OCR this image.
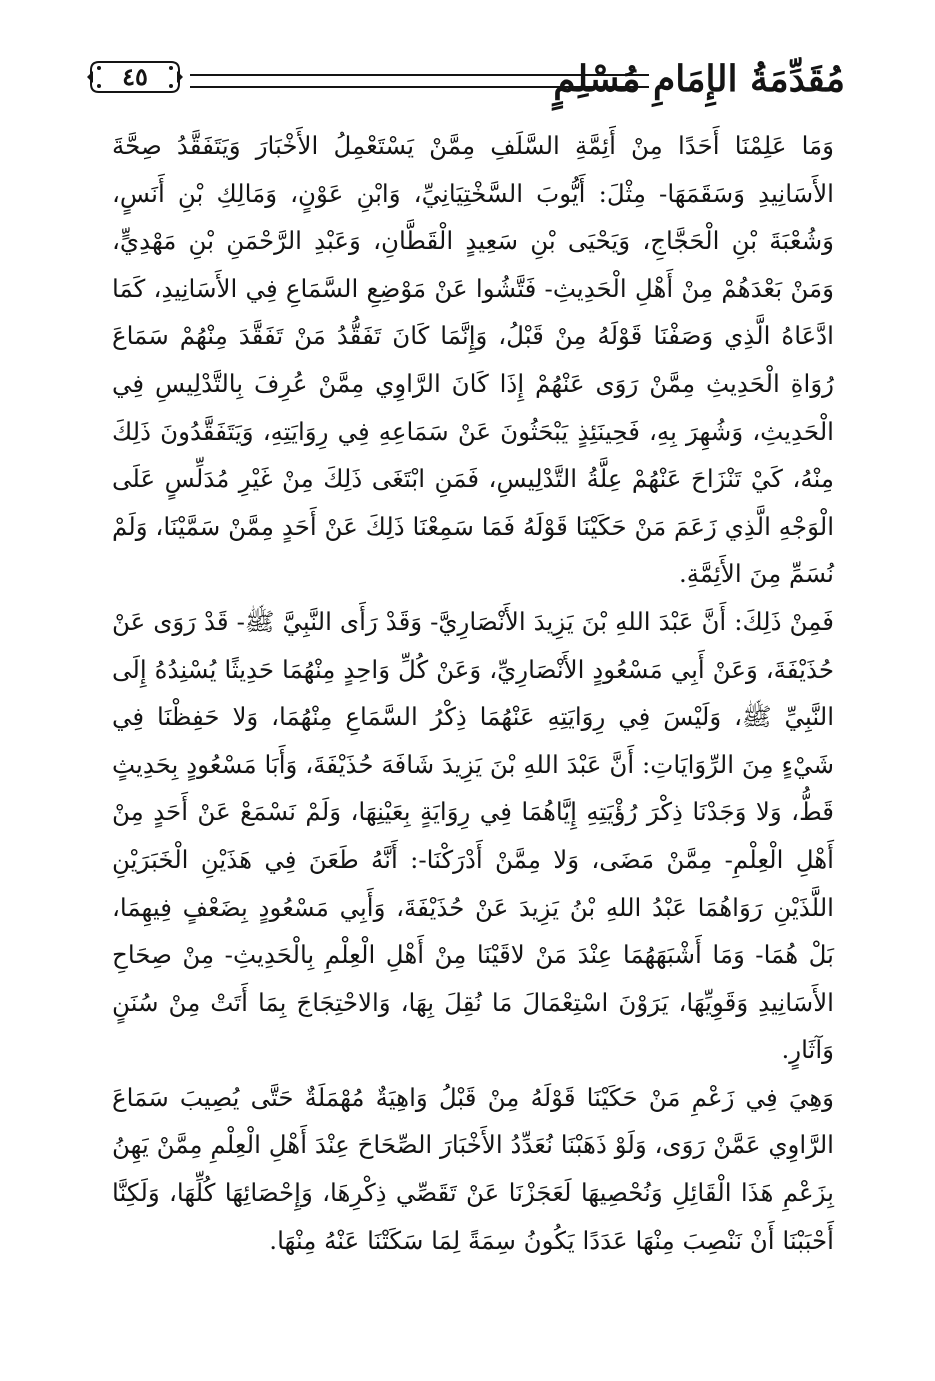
٤٥	مُقَدِّمَةُ الإِمَامِ مُسْلِمٍ

وَمَا عَلِمْنَا أَحَدًا مِنْ أَئِمَّةِ السَّلَفِ مِمَّنْ يَسْتَعْمِلُ الأَخْبَارَ وَيَتَفَقَّدُ صِحَّةَ الأَسَانِيدِ وَسَقَمَهَا- مِثْلَ: أَيُّوبَ السَّخْتِيَانِيِّ، وَابْنِ عَوْنٍ، وَمَالِكِ بْنِ أَنَسٍ، وَشُعْبَةَ بْنِ الْحَجَّاجِ، وَيَحْيَى بْنِ سَعِيدٍ الْقَطَّانِ، وَعَبْدِ الرَّحْمَنِ بْنِ مَهْدِيٍّ، وَمَنْ بَعْدَهُمْ مِنْ أَهْلِ الْحَدِيثِ- فَتَّشُوا عَنْ مَوْضِعِ السَّمَاعِ فِي الأَسَانِيدِ، كَمَا ادَّعَاهُ الَّذِي وَصَفْنَا قَوْلَهُ مِنْ قَبْلُ، وَإِنَّمَا كَانَ تَفَقُّدُ مَنْ تَفَقَّدَ مِنْهُمْ سَمَاعَ رُوَاةِ الْحَدِيثِ مِمَّنْ رَوَى عَنْهُمْ إِذَا كَانَ الرَّاوِي مِمَّنْ عُرِفَ بِالتَّدْلِيسِ فِي الْحَدِيثِ، وَشُهِرَ بِهِ، فَحِينَئِذٍ يَبْحَثُونَ عَنْ سَمَاعِهِ فِي رِوَايَتِهِ، وَيَتَفَقَّدُونَ ذَلِكَ مِنْهُ، كَيْ تَنْزَاحَ عَنْهُمْ عِلَّةُ التَّدْلِيسِ، فَمَنِ ابْتَغَى ذَلِكَ مِنْ غَيْرِ مُدَلِّسٍ عَلَى الْوَجْهِ الَّذِي زَعَمَ مَنْ حَكَيْنَا قَوْلَهُ فَمَا سَمِعْنَا ذَلِكَ عَنْ أَحَدٍ مِمَّنْ سَمَّيْنَا، وَلَمْ نُسَمِّ مِنَ الأَئِمَّةِ.

فَمِنْ ذَلِكَ: أَنَّ عَبْدَ اللهِ بْنَ يَزِيدَ الأَنْصَارِيَّ- وَقَدْ رَأَى النَّبِيَّ ﷺ- قَدْ رَوَى عَنْ حُذَيْفَةَ، وَعَنْ أَبِي مَسْعُودٍ الأَنْصَارِيِّ، وَعَنْ كُلِّ وَاحِدٍ مِنْهُمَا حَدِيثًا يُسْنِدُهُ إِلَى النَّبِيِّ ﷺ، وَلَيْسَ فِي رِوَايَتِهِ عَنْهُمَا ذِكْرُ السَّمَاعِ مِنْهُمَا، وَلا حَفِظْنَا فِي شَيْءٍ مِنَ الرِّوَايَاتِ: أَنَّ عَبْدَ اللهِ بْنَ يَزِيدَ شَافَهَ حُذَيْفَةَ، وَأَبَا مَسْعُودٍ بِحَدِيثٍ قَطُّ، وَلا وَجَدْنَا ذِكْرَ رُؤْيَتِهِ إِيَّاهُمَا فِي رِوَايَةٍ بِعَيْنِهَا، وَلَمْ نَسْمَعْ عَنْ أَحَدٍ مِنْ أَهْلِ الْعِلْمِ- مِمَّنْ مَضَى، وَلا مِمَّنْ أَدْرَكْنَا-: أَنَّهُ طَعَنَ فِي هَذَيْنِ الْخَبَرَيْنِ اللَّذَيْنِ رَوَاهُمَا عَبْدُ اللهِ بْنُ يَزِيدَ عَنْ حُذَيْفَةَ، وَأَبِي مَسْعُودٍ بِضَعْفٍ فِيهِمَا، بَلْ هُمَا- وَمَا أَشْبَهَهُمَا عِنْدَ مَنْ لاقَيْنَا مِنْ أَهْلِ الْعِلْمِ بِالْحَدِيثِ- مِنْ صِحَاحِ الأَسَانِيدِ وَقَوِيِّهَا، يَرَوْنَ اسْتِعْمَالَ مَا نُقِلَ بِهَا، وَالاحْتِجَاجَ بِمَا أَتَتْ مِنْ سُنَنٍ وَآثَارٍ.

وَهِيَ فِي زَعْمِ مَنْ حَكَيْنَا قَوْلَهُ مِنْ قَبْلُ وَاهِيَةٌ مُهْمَلَةٌ حَتَّى يُصِيبَ سَمَاعَ الرَّاوِي عَمَّنْ رَوَى، وَلَوْ ذَهَبْنَا نُعَدِّدُ الأَخْبَارَ الصِّحَاحَ عِنْدَ أَهْلِ الْعِلْمِ مِمَّنْ يَهِنُ بِزَعْمِ هَذَا الْقَائِلِ وَنُحْصِيهَا لَعَجَزْنَا عَنْ تَقَصِّي ذِكْرِهَا، وَإِحْصَائِهَا كُلِّهَا، وَلَكِنَّا أَحْبَبْنَا أَنْ نَنْصِبَ مِنْهَا عَدَدًا يَكُونُ سِمَةً لِمَا سَكَتْنَا عَنْهُ مِنْهَا.
